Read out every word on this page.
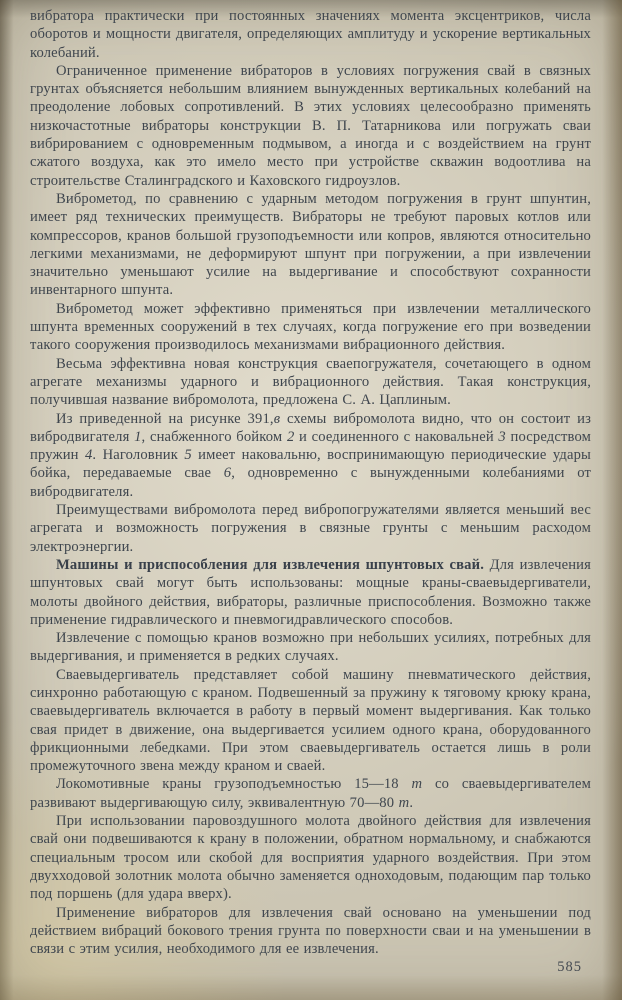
вибратора практически при постоянных значениях момента эксцентриков, числа оборотов и мощности двигателя, определяющих амплитуду и ускорение вертикальных колебаний.

Ограниченное применение вибраторов в условиях погружения свай в связных грунтах объясняется небольшим влиянием вынужденных вертикальных колебаний на преодоление лобовых сопротивлений. В этих условиях целесообразно применять низкочастотные вибраторы конструкции В. П. Татарникова или погружать сваи вибрированием с одновременным подмывом, а иногда и с воздействием на грунт сжатого воздуха, как это имело место при устройстве скважин водоотлива на строительстве Сталинградского и Каховского гидроузлов.

Виброметод, по сравнению с ударным методом погружения в грунт шпунтин, имеет ряд технических преимуществ. Вибраторы не требуют паровых котлов или компрессоров, кранов большой грузоподъемности или копров, являются относительно легкими механизмами, не деформируют шпунт при погружении, а при извлечении значительно уменьшают усилие на выдергивание и способствуют сохранности инвентарного шпунта.

Виброметод может эффективно применяться при извлечении металлического шпунта временных сооружений в тех случаях, когда погружение его при возведении такого сооружения производилось механизмами вибрационного действия.

Весьма эффективна новая конструкция сваепогружателя, сочетающего в одном агрегате механизмы ударного и вибрационного действия. Такая конструкция, получившая название вибромолота, предложена С. А. Цаплиным.

Из приведенной на рисунке 391,в схемы вибромолота видно, что он состоит из вибродвигателя 1, снабженного бойком 2 и соединенного с наковальней 3 посредством пружин 4. Наголовник 5 имеет наковальню, воспринимающую периодические удары бойка, передаваемые свае 6, одновременно с вынужденными колебаниями от вибродвигателя.

Преимуществами вибромолота перед вибропогружателями является меньший вес агрегата и возможность погружения в связные грунты с меньшим расходом электроэнергии.

Машины и приспособления для извлечения шпунтовых свай. Для извлечения шпунтовых свай могут быть использованы: мощные краны-сваевыдергиватели, молоты двойного действия, вибраторы, различные приспособления. Возможно также применение гидравлического и пневмогидравлического способов.

Извлечение с помощью кранов возможно при небольших усилиях, потребных для выдергивания, и применяется в редких случаях.

Сваевыдергиватель представляет собой машину пневматического действия, синхронно работающую с краном. Подвешенный за пружину к тяговому крюку крана, сваевыдергиватель включается в работу в первый момент выдергивания. Как только свая придет в движение, она выдергивается усилием одного крана, оборудованного фрикционными лебедками. При этом сваевыдергиватель остается лишь в роли промежуточного звена между краном и сваей.

Локомотивные краны грузоподъемностью 15—18 т со сваевыдергивателем развивают выдергивающую силу, эквивалентную 70—80 т.

При использовании паровоздушного молота двойного действия для извлечения свай они подвешиваются к крану в положении, обратном нормальному, и снабжаются специальным тросом или скобой для восприятия ударного воздействия. При этом двухходовой золотник молота обычно заменяется одноходовым, подающим пар только под поршень (для удара вверх).

Применение вибраторов для извлечения свай основано на уменьшении под действием вибраций бокового трения грунта по поверхности сваи и на уменьшении в связи с этим усилия, необходимого для ее извлечения.

585
